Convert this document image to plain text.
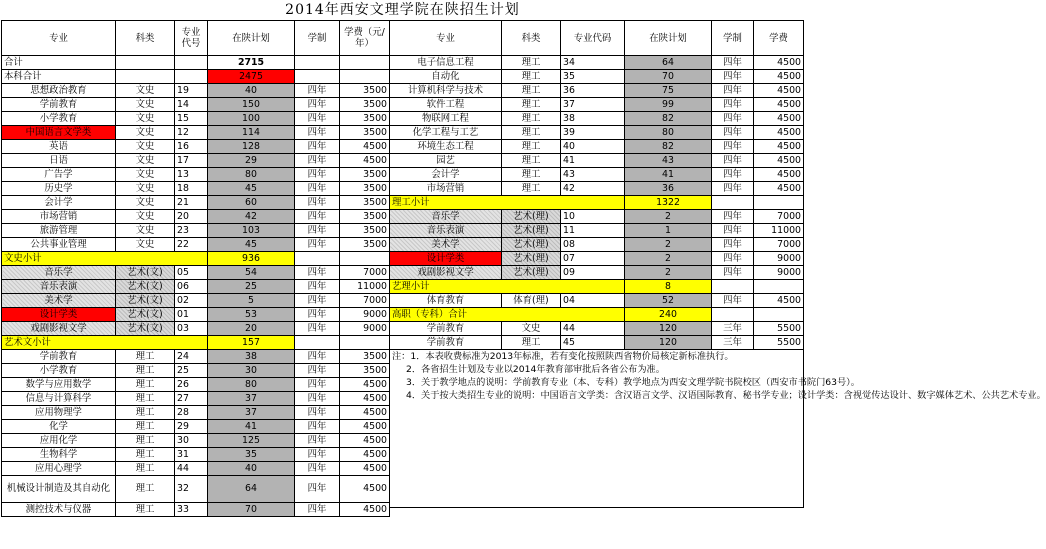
2014年西安文理学院在陕招生计划
专业	科类	专业代号	在陕计划	学制	学费（元/年）
合计			2715		
本科合计			2475		
思想政治教育	文史	19	40	四年	3500
学前教育	文史	14	150	四年	3500
小学教育	文史	15	100	四年	3500
中国语言文学类	文史	12	114	四年	3500
英语	文史	16	128	四年	4500
日语	文史	17	29	四年	4500
广告学	文史	13	80	四年	3500
历史学	文史	18	45	四年	3500
会计学	文史	21	60	四年	3500
市场营销	文史	20	42	四年	3500
旅游管理	文史	23	103	四年	3500
公共事业管理	文史	22	45	四年	3500
文史小计			936		
音乐学	艺术(文)	05	54	四年	7000
音乐表演	艺术(文)	06	25	四年	11000
美术学	艺术(文)	02	5	四年	7000
设计学类	艺术(文)	01	53	四年	9000
戏剧影视文学	艺术(文)	03	20	四年	9000
艺术文小计			157		
学前教育	理工	24	38	四年	3500
小学教育	理工	25	30	四年	3500
数学与应用数学	理工	26	80	四年	4500
信息与计算科学	理工	27	37	四年	4500
应用物理学	理工	28	37	四年	4500
化学	理工	29	41	四年	4500
应用化学	理工	30	125	四年	4500
生物科学	理工	31	35	四年	4500
应用心理学	理工	44	40	四年	4500
机械设计制造及其自动化	理工	32	64	四年	4500
测控技术与仪器	理工	33	70	四年	4500
专业	科类	专业代码	在陕计划	学制	学费
电子信息工程	理工	34	64	四年	4500
自动化	理工	35	70	四年	4500
计算机科学与技术	理工	36	75	四年	4500
软件工程	理工	37	99	四年	4500
物联网工程	理工	38	82	四年	4500
化学工程与工艺	理工	39	80	四年	4500
环境生态工程	理工	40	82	四年	4500
园艺	理工	41	43	四年	4500
会计学	理工	43	41	四年	4500
市场营销	理工	42	36	四年	4500
理工小计			1322		
音乐学	艺术(理)	10	2	四年	7000
音乐表演	艺术(理)	11	1	四年	11000
美术学	艺术(理)	08	2	四年	7000
设计学类	艺术(理)	07	2	四年	9000
戏剧影视文学	艺术(理)	09	2	四年	9000
艺理小计			8		
体育教育	体育(理)	04	52	四年	4500
高职（专科）合计			240		
学前教育	文史	44	120	三年	5500
学前教育	理工	45	120	三年	5500

注：1．本表收费标准为2013年标准，若有变化按照陕西省物价局核定新标准执行。
2．各省招生计划及专业以2014年教育部审批后各省公布为准。
3．关于教学地点的说明：学前教育专业（本、专科）教学地点为西安文理学院书院校区（西安市书院门63号）。
4．关于按大类招生专业的说明：中国语言文学类：含汉语言文学、汉语国际教育、秘书学专业；设计学类：含视觉传达设计、数字媒体艺术、公共艺术专业。					
